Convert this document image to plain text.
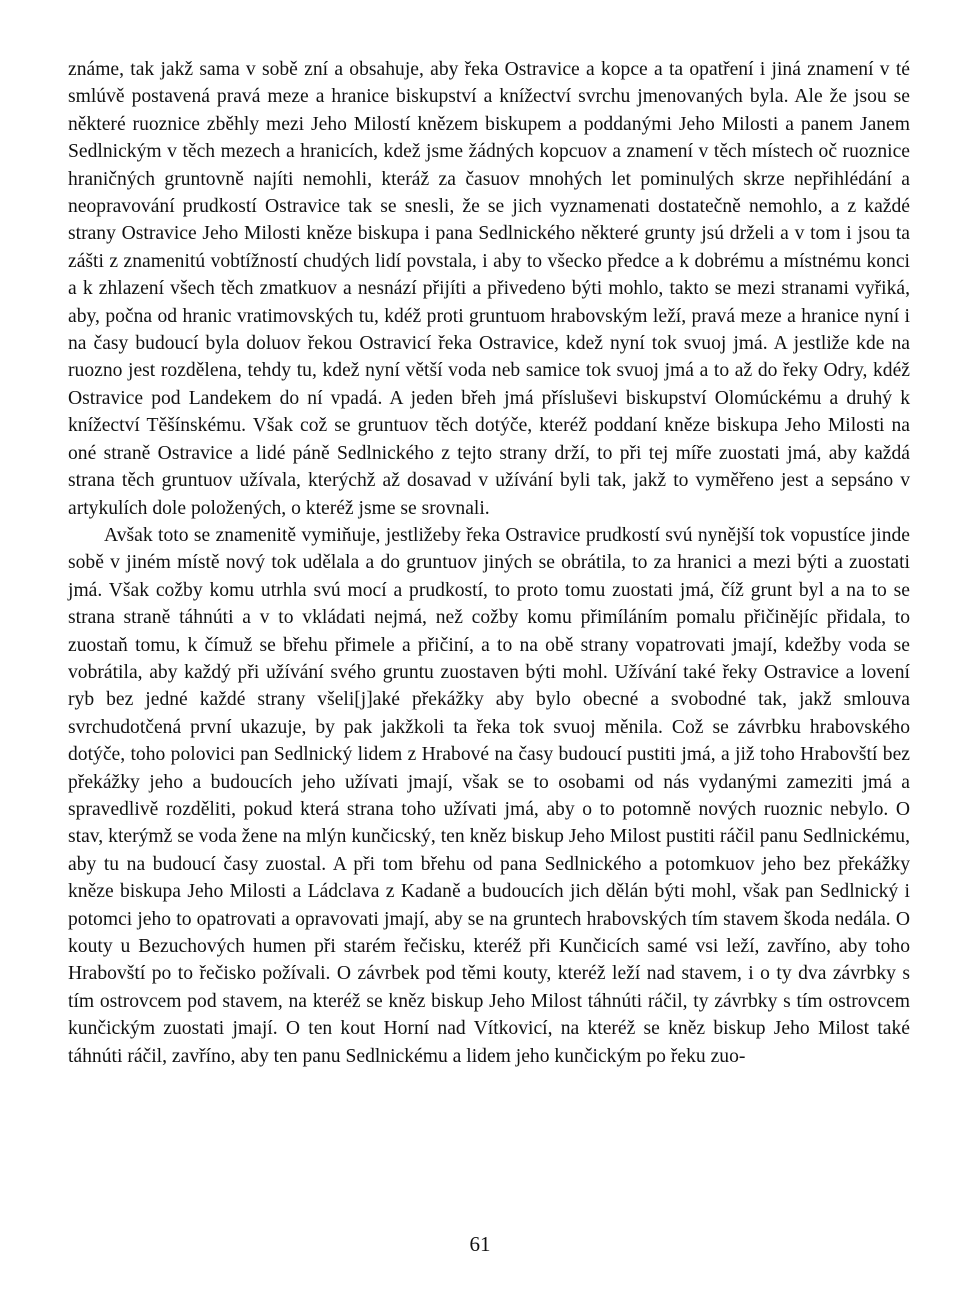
známe, tak jakž sama v sobě zní a obsahuje, aby řeka Ostravice a kopce a ta opatření i jiná znamení v té smlúvě postavená pravá meze a hranice biskupství a knížectví svrchu jmenovaných byla. Ale že jsou se některé ruoznice zběhly mezi Jeho Milostí knězem biskupem a poddanými Jeho Milosti a panem Janem Sedlnickým v těch mezech a hranicích, kdež jsme žádných kopcuov a znamení v těch místech oč ruoznice hraničných gruntovně najíti nemohli, kteráž za časuov mnohých let pominulých skrze nepřihlédání a neopravování prudkostí Ostravice tak se snesli, že se jich vyznamenati dostatečně nemohlo, a z každé strany Ostravice Jeho Milosti kněze biskupa i pana Sedlnického některé grunty jsú drželi a v tom i jsou ta zášti z znamenitú vobtížností chudých lidí povstala, i aby to všecko předce a k dobrému a místnému konci a k zhlazení všech těch zmatkuov a nesnází přijíti a přivedeno býti mohlo, takto se mezi stranami vyřiká, aby, počna od hranic vratimovských tu, kdéž proti gruntuom hrabovským leží, pravá meze a hranice nyní i na časy budoucí byla doluov řekou Ostravicí řeka Ostravice, kdež nyní tok svuoj jmá. A jestliže kde na ruozno jest rozdělena, tehdy tu, kdež nyní větší voda neb samice tok svuoj jmá a to až do řeky Odry, kdéž Ostravice pod Landekem do ní vpadá. A jeden břeh jmá přísluševi biskupství Olomúckému a druhý k knížectví Těšínskému. Však což se gruntuov těch dotýče, kteréž poddaní kněze biskupa Jeho Milosti na oné straně Ostravice a lidé páně Sedlnického z tejto strany drží, to při tej míře zuostati jmá, aby každá strana těch gruntuov užívala, kterýchž až dosavad v užívání byli tak, jakž to vyměřeno jest a sepsáno v artykulích dole položených, o kteréž jsme se srovnali.

Avšak toto se znamenitě vymiňuje, jestližeby řeka Ostravice prudkostí svú nynější tok vopustíce jinde sobě v jiném místě nový tok udělala a do gruntuov jiných se obrátila, to za hranici a mezi býti a zuostati jmá. Však cožby komu utrhla svú mocí a prudkostí, to proto tomu zuostati jmá, číž grunt byl a na to se strana straně táhnúti a v to vkládati nejmá, než cožby komu přimíláním pomalu přičinějíc přidala, to zuostaň tomu, k čímuž se břehu přimele a přičiní, a to na obě strany vopatrovati jmají, kdežby voda se vobrátila, aby každý při užívání svého gruntu zuostaven býti mohl. Užívání také řeky Ostravice a lovení ryb bez jedné každé strany všeli[j]aké překážky aby bylo obecné a svobodné tak, jakž smlouva svrchudotčená první ukazuje, by pak jakžkoli ta řeka tok svuoj měnila. Což se závrbku hrabovského dotýče, toho polovici pan Sedlnický lidem z Hrabové na časy budoucí pustiti jmá, a již toho Hrabovští bez překážky jeho a budoucích jeho užívati jmají, však se to osobami od nás vydanými zameziti jmá a spravedlivě rozděliti, pokud která strana toho užívati jmá, aby o to potomně nových ruoznic nebylo. O stav, kterýmž se voda žene na mlýn kunčicský, ten kněz biskup Jeho Milost pustiti ráčil panu Sedlnickému, aby tu na budoucí časy zuostal. A při tom břehu od pana Sedlnického a potomkuov jeho bez překážky kněze biskupa Jeho Milosti a Ládclava z Kadaně a budoucích jich dělán býti mohl, však pan Sedlnický i potomci jeho to opatrovati a opravovati jmají, aby se na gruntech hrabovských tím stavem škoda nedála. O kouty u Bezuchových humen při starém řečisku, kteréž při Kunčicích samé vsi leží, zavříno, aby toho Hrabovští po to řečisko požívali. O závrbek pod těmi kouty, kteréž leží nad stavem, i o ty dva závrbky s tím ostrovcem pod stavem, na kteréž se kněz biskup Jeho Milost táhnúti ráčil, ty závrbky s tím ostrovcem kunčickým zuostati jmají. O ten kout Horní nad Vítkovicí, na kteréž se kněz biskup Jeho Milost také táhnúti ráčil, zavříno, aby ten panu Sedlnickému a lidem jeho kunčickým po řeku zuo-

61
